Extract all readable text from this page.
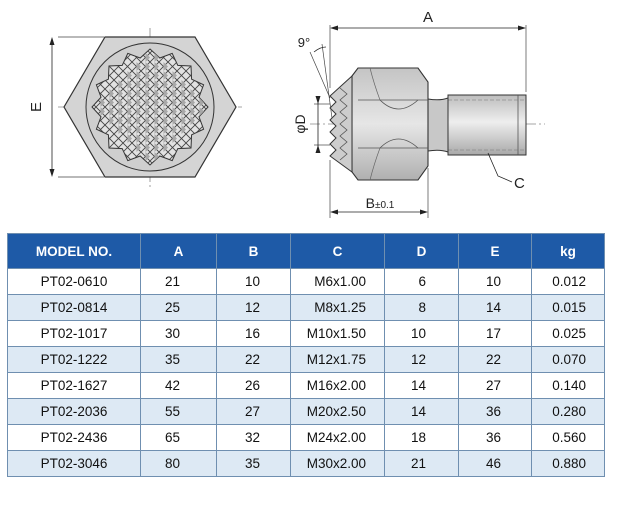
E
A
9°
φD
B±0.1
C
MODEL NO.	A	B	C	D	E	kg
PT02-0610	21	10	M6x1.00	6	10	0.012
PT02-0814	25	12	M8x1.25	8	14	0.015
PT02-1017	30	16	M10x1.50	10	17	0.025
PT02-1222	35	22	M12x1.75	12	22	0.070
PT02-1627	42	26	M16x2.00	14	27	0.140
PT02-2036	55	27	M20x2.50	14	36	0.280
PT02-2436	65	32	M24x2.00	18	36	0.560
PT02-3046	80	35	M30x2.00	21	46	0.880
